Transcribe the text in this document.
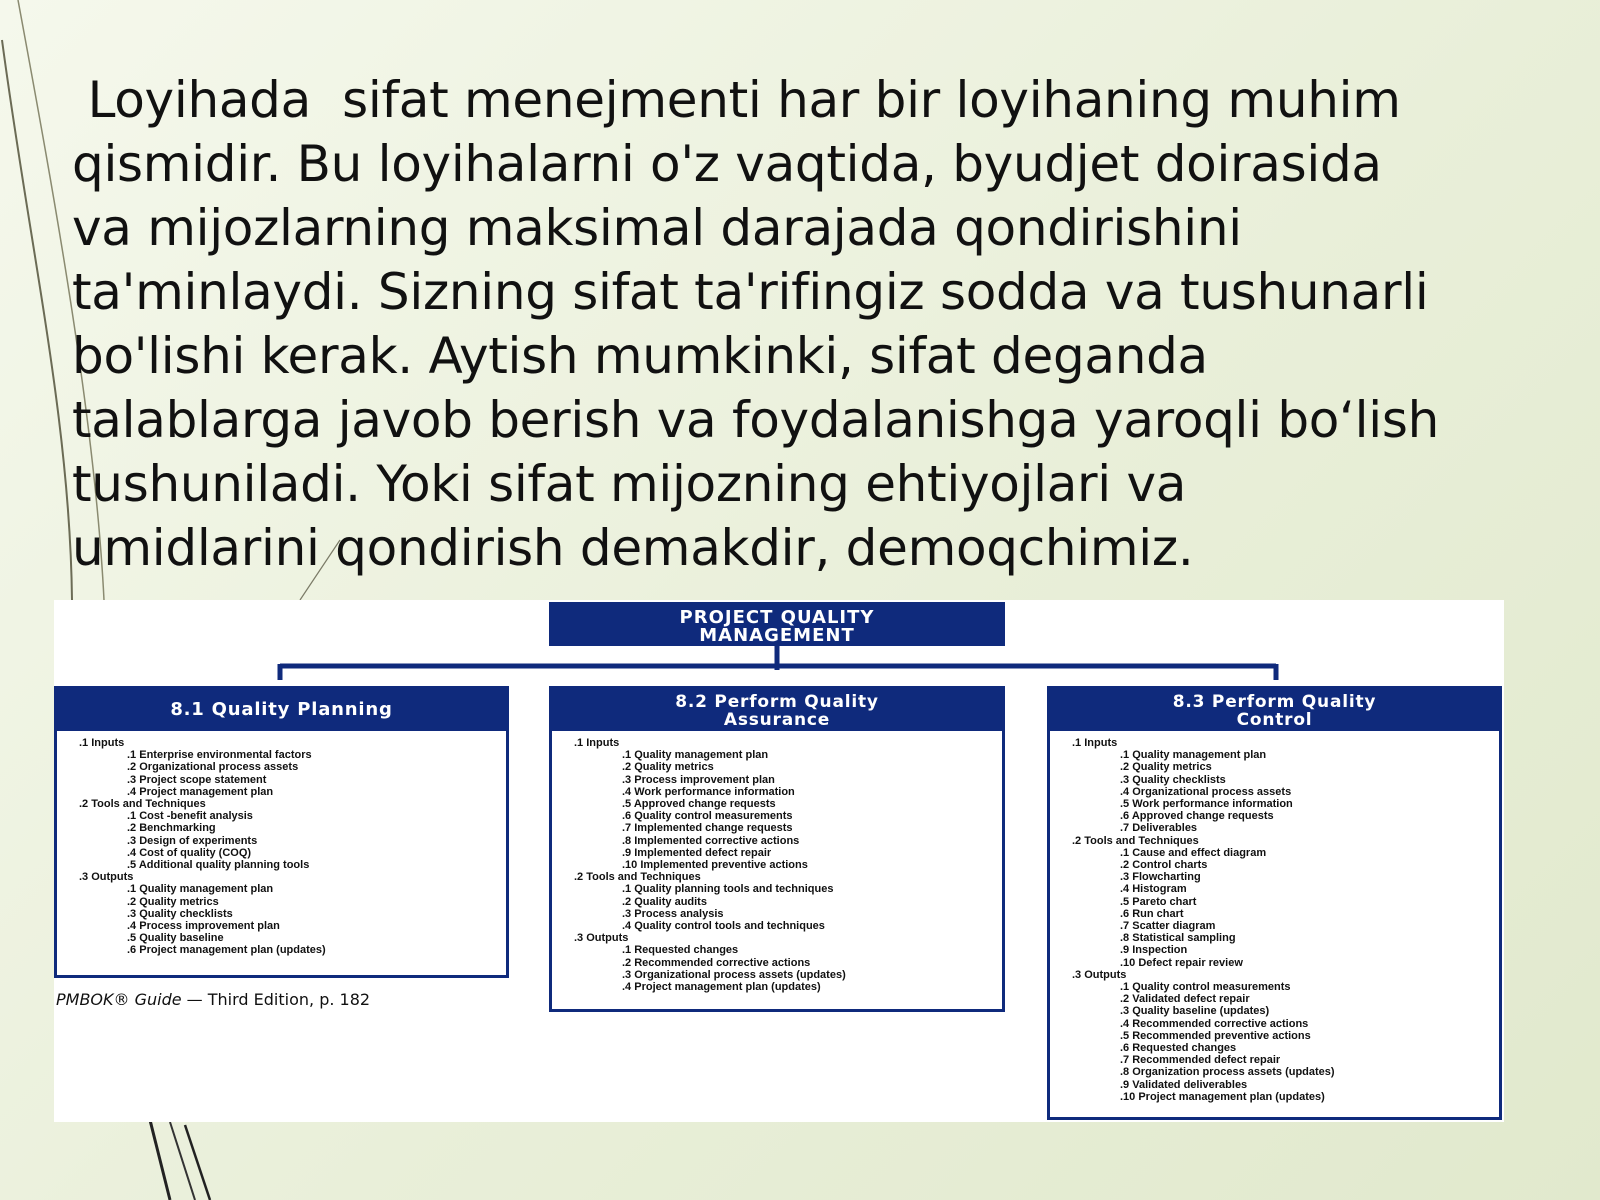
Loyihada  sifat menejmenti har bir loyihaning muhim
qismidir. Bu loyihalarni o'z vaqtida, byudjet doirasida
va mijozlarning maksimal darajada qondirishini
ta'minlaydi. Sizning sifat ta'rifingiz sodda va tushunarli
bo'lishi kerak. Aytish mumkinki, sifat deganda
talablarga javob berish va foydalanishga yaroqli bo‘lish
tushuniladi. Yoki sifat mijozning ehtiyojlari va
umidlarini qondirish demakdir, demoqchimiz.

PROJECT QUALITY
MANAGEMENT
8.1 Quality Planning
.1 Inputs
.1 Enterprise environmental factors
.2 Organizational process assets
.3 Project scope statement
.4 Project management plan
.2 Tools and Techniques
.1 Cost -benefit analysis
.2 Benchmarking
.3 Design of experiments
.4 Cost of quality (COQ)
.5 Additional quality planning tools
.3 Outputs
.1 Quality management plan
.2 Quality metrics
.3 Quality checklists
.4 Process improvement plan
.5 Quality baseline
.6 Project management plan (updates)
8.2 Perform Quality
Assurance
.1 Inputs
.1 Quality management plan
.2 Quality metrics
.3 Process improvement plan
.4 Work performance information
.5 Approved change requests
.6 Quality control measurements
.7 Implemented change requests
.8 Implemented corrective actions
.9 Implemented defect repair
.10 Implemented preventive actions
.2 Tools and Techniques
.1 Quality planning tools and techniques
.2 Quality audits
.3 Process analysis
.4 Quality control tools and techniques
.3 Outputs
.1 Requested changes
.2 Recommended corrective actions
.3 Organizational process assets (updates)
.4 Project management plan (updates)
8.3 Perform Quality
Control
.1 Inputs
.1 Quality management plan
.2 Quality metrics
.3 Quality checklists
.4 Organizational process assets
.5 Work performance information
.6 Approved change requests
.7 Deliverables
.2 Tools and Techniques
.1 Cause and effect diagram
.2 Control charts
.3 Flowcharting
.4 Histogram
.5 Pareto chart
.6 Run chart
.7 Scatter diagram
.8 Statistical sampling
.9 Inspection
.10 Defect repair review
.3 Outputs
.1 Quality control measurements
.2 Validated defect repair
.3 Quality baseline (updates)
.4 Recommended corrective actions
.5 Recommended preventive actions
.6 Requested changes
.7 Recommended defect repair
.8 Organization process assets (updates)
.9 Validated deliverables
.10 Project management plan (updates)
PMBOK® Guide — Third Edition, p. 182
